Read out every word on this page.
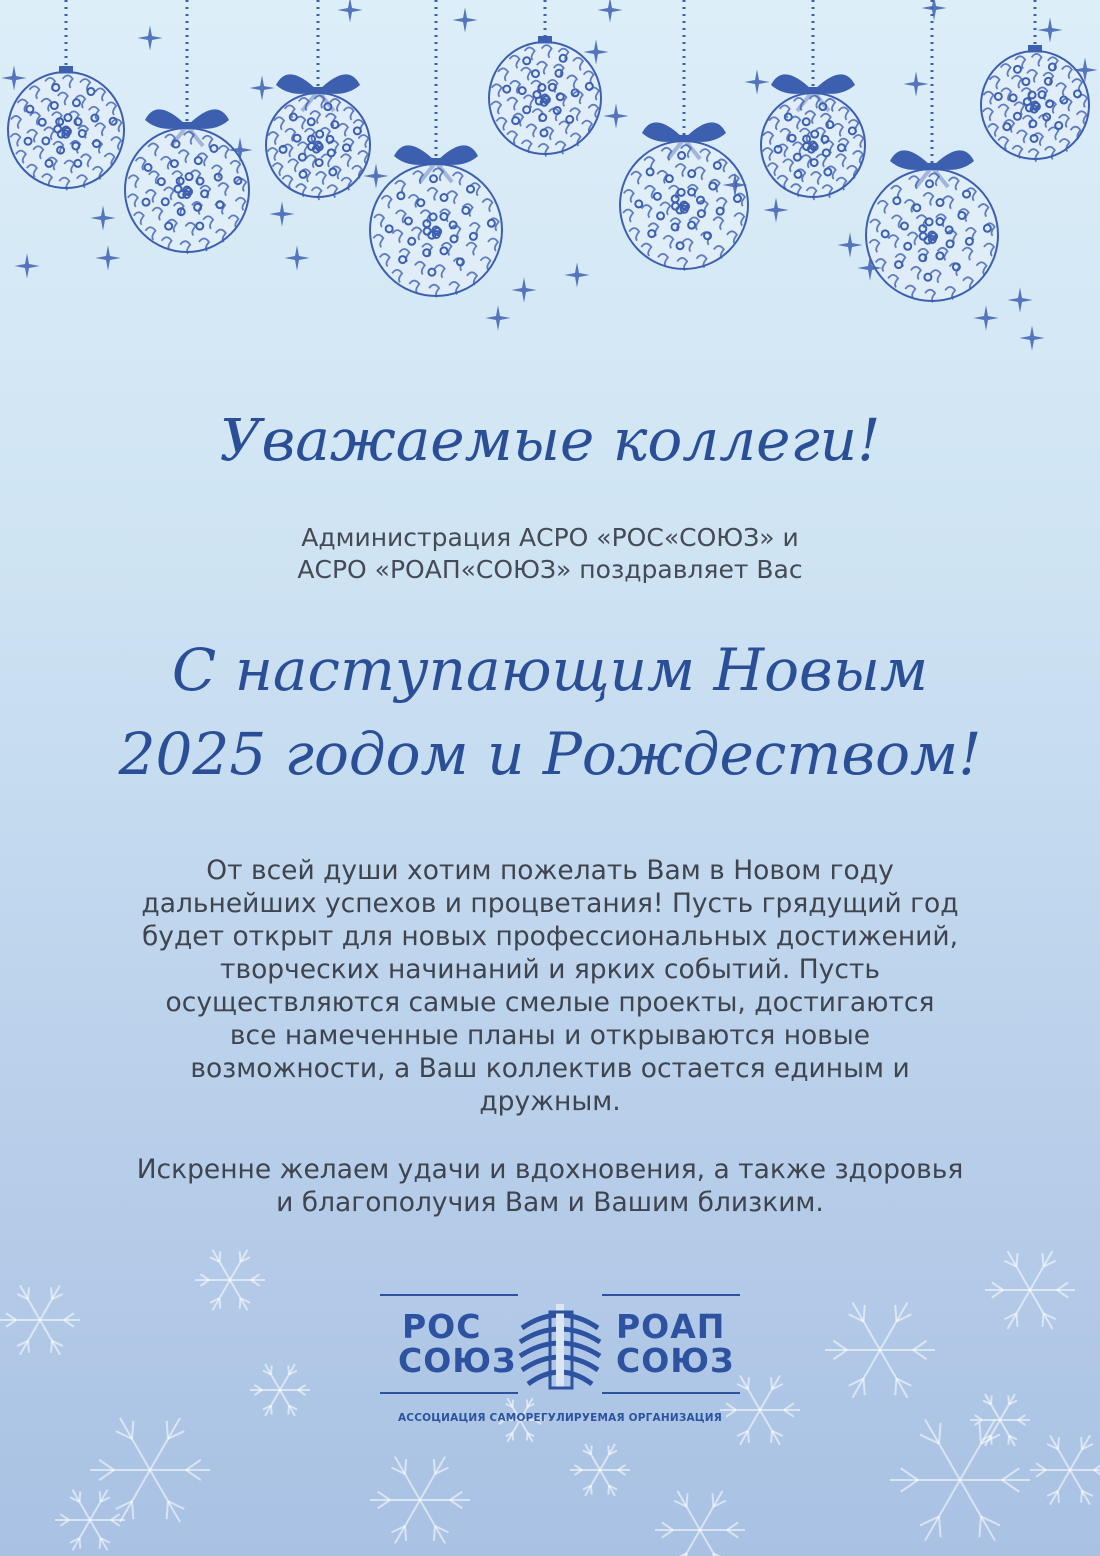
Уважаемые коллеги!
Администрация АСРО «РОС«СОЮЗ» и
АСРО «РОАП«СОЮЗ» поздравляет Вас
С наступающим Новым
2025 годом и Рождеством!
От всей души хотим пожелать Вам в Новом году
дальнейших успехов и процветания! Пусть грядущий год
будет открыт для новых профессиональных достижений,
творческих начинаний и ярких событий. Пусть
осуществляются самые смелые проекты, достигаются
все намеченные планы и открываются новые
возможности, а Ваш коллектив остается единым и
дружным.
Искренне желаем удачи и вдохновения, а также здоровья
и благополучия Вам и Вашим близким.
РОС
СОЮЗ
РОАП
СОЮЗ
АССОЦИАЦИЯ САМОРЕГУЛИРУЕМАЯ ОРГАНИЗАЦИЯ
